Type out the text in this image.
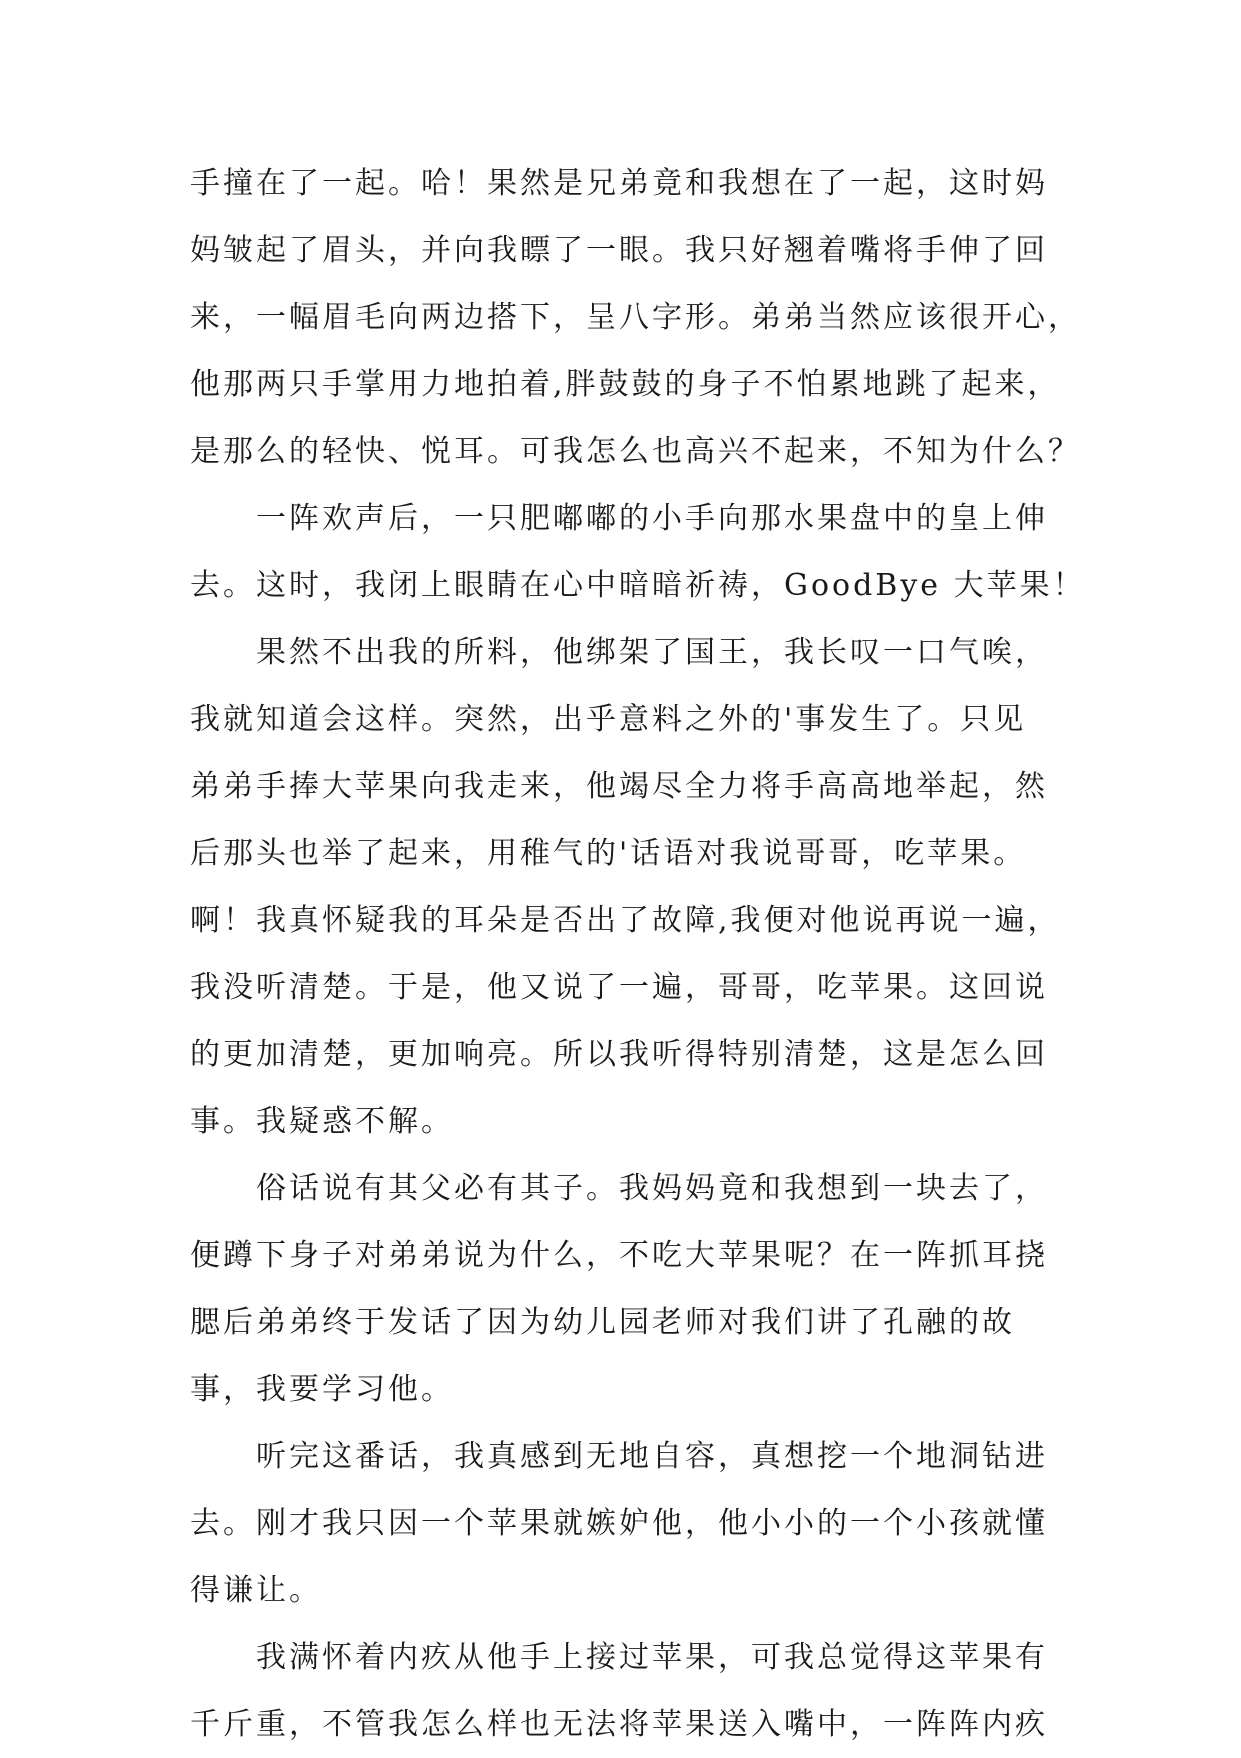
手撞在了一起。哈！果然是兄弟竟和我想在了一起，这时妈
妈皱起了眉头，并向我瞟了一眼。我只好翘着嘴将手伸了回
来，一幅眉毛向两边搭下，呈八字形。弟弟当然应该很开心，
他那两只手掌用力地拍着,胖鼓鼓的身子不怕累地跳了起来，
是那么的轻快、悦耳。可我怎么也高兴不起来，不知为什么？
一阵欢声后，一只肥嘟嘟的小手向那水果盘中的皇上伸
去。这时，我闭上眼睛在心中暗暗祈祷，GoodBye 大苹果！
果然不出我的所料，他绑架了国王，我长叹一口气唉，
我就知道会这样。突然，出乎意料之外的'事发生了。只见
弟弟手捧大苹果向我走来，他竭尽全力将手高高地举起，然
后那头也举了起来，用稚气的'话语对我说哥哥，吃苹果。
啊！我真怀疑我的耳朵是否出了故障,我便对他说再说一遍，
我没听清楚。于是，他又说了一遍，哥哥，吃苹果。这回说
的更加清楚，更加响亮。所以我听得特别清楚，这是怎么回
事。我疑惑不解。
俗话说有其父必有其子。我妈妈竟和我想到一块去了，
便蹲下身子对弟弟说为什么，不吃大苹果呢？在一阵抓耳挠
腮后弟弟终于发话了因为幼儿园老师对我们讲了孔融的故
事，我要学习他。
听完这番话，我真感到无地自容，真想挖一个地洞钻进
去。刚才我只因一个苹果就嫉妒他，他小小的一个小孩就懂
得谦让。
我满怀着内疚从他手上接过苹果，可我总觉得这苹果有
千斤重，不管我怎么样也无法将苹果送入嘴中，一阵阵内疚
